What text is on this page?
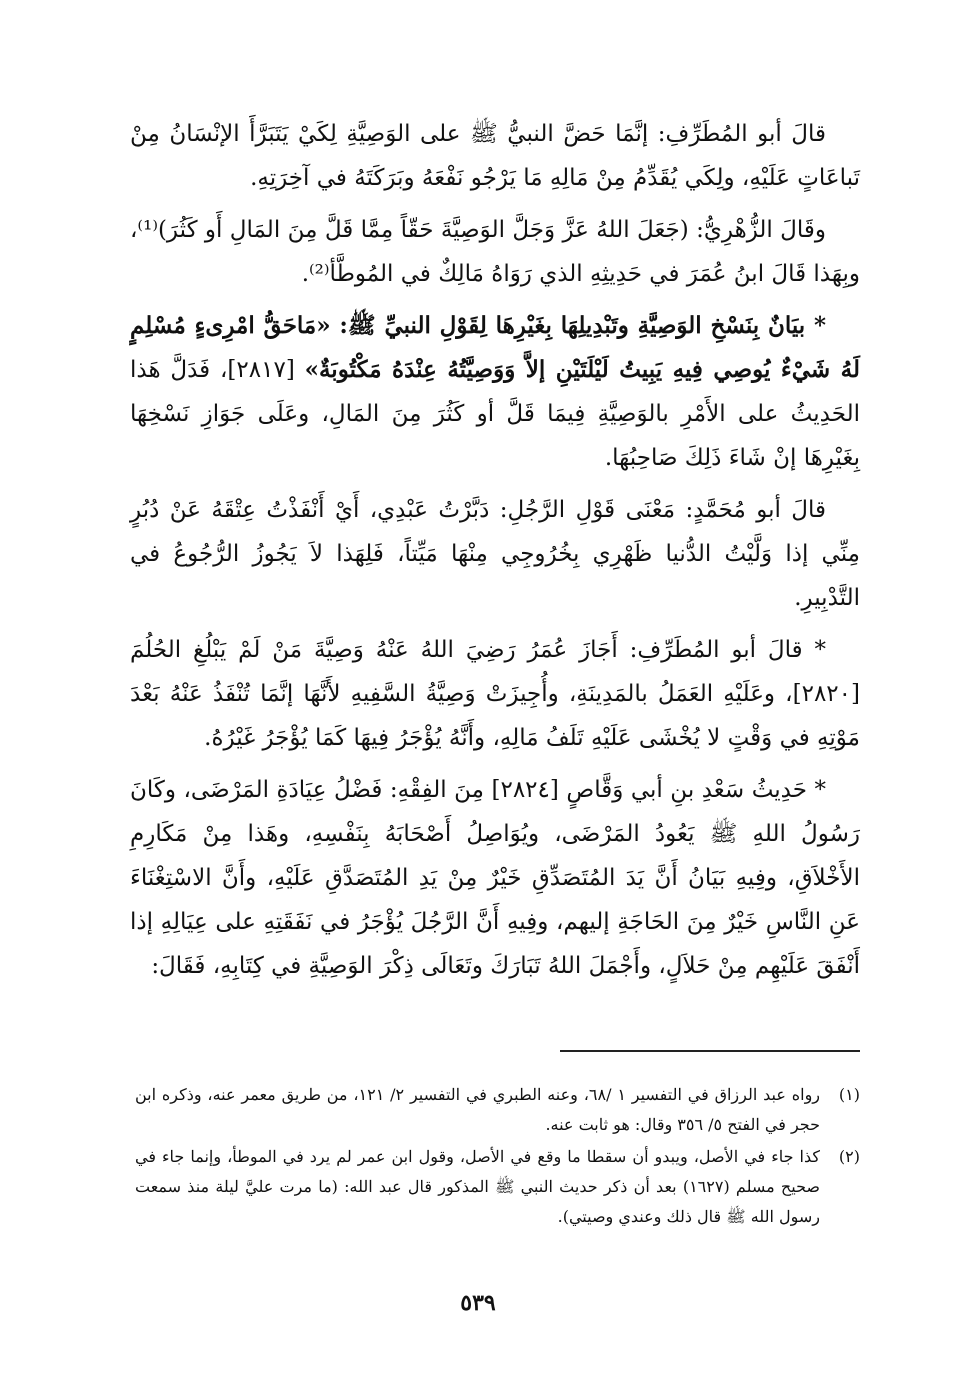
قالَ أبو المُطَرِّفِ: إنَّمَا حَضَّ النبيُّ ﷺ على الوَصِيَّةِ لِكَيْ يَتَبَرَّأَ الإنْسَانُ مِنْ تَباعَاتٍ عَلَيْهِ، ولِكَي يُقَدِّمُ مِنْ مَالِهِ مَا يَرْجُو نَفْعَهُ وبَرَكَتَهُ في آخِرَتِهِ.

وقَالَ الزُّهْرِيُّ: (جَعَلَ اللهُ عَزَّ وَجَلَّ الوَصِيَّةَ حَقّاً مِمَّا قَلَّ مِنَ المَالِ أَو كَثُرَ)⁽¹⁾، وبِهَذا قَالَ ابنُ عُمَرَ في حَدِيثِهِ الذي رَوَاهُ مَالِكٌ في المُوطَّأ⁽²⁾.

* بيَانٌ بِنَسْخِ الوَصِيَّةِ وتَبْدِيلِهَا بِغَيْرِهَا لِقَوْلِ النبيِّ ﷺ: «مَاحَقُّ امْرِىءٍ مُسْلِمٍ لَهُ شَيْءٌ يُوصِي فِيهِ يَبِيتُ لَيْلَتَيْنِ إلاَّ وَوَصِيَّتُهُ عِنْدَهُ مَكْتُوبَةٌ» [٢٨١٧]، فَدَلَّ هَذا الحَدِيثُ على الأَمْرِ بالوَصِيَّةِ فِيمَا قَلَّ أو كَثُرَ مِنَ المَالِ، وعَلَى جَوَازِ نَسْخِهَا بِغَيْرِهَا إنْ شَاءَ ذَلِكَ صَاحِبُهَا.

قالَ أبو مُحَمَّدٍ: مَعْنَى قَوْلِ الرَّجُلِ: دَبَّرْتُ عَبْدِي، أَيْ أَنْفَذْتُ عِتْقَهُ عَنْ دُبُرٍ مِنِّي إذا وَلَّيْتُ الدُّنيا ظَهْرِي بِخُرُوجِي مِنْهَا مَيِّتاً، فَلِهَذا لاَ يَجُوزُ الرُّجُوعُ في التَّدْبِيرِ.

* قالَ أبو المُطَرِّفِ: أَجَازَ عُمَرُ رَضِيَ اللهُ عَنْهُ وَصِيَّةَ مَنْ لَمْ يَبْلُغِ الحُلُمَ [٢٨٢٠]، وعَلَيْهِ العَمَلُ بالمَدِينَةِ، وأُجِيزَتْ وَصِيَّةُ السَّفِيهِ لأَنَّهَا إنَّمَا تُنْفَذُ عَنْهُ بَعْدَ مَوْتِهِ في وَقْتٍ لا يُخْشَى عَلَيْهِ تَلَفُ مَالِهِ، وأَنَّهُ يُؤْجَرُ فِيهَا كَمَا يُؤْجَرُ غَيْرُهُ.

* حَدِيثُ سَعْدِ بنِ أبي وَقَّاصٍ [٢٨٢٤] مِنَ الفِقْهِ: فَضْلُ عِيَادَةِ المَرْضَى، وكَانَ رَسُولُ اللهِ ﷺ يَعُودُ المَرْضَى، ويُوَاصِلُ أَصْحَابَهُ بِنَفْسِهِ، وهَذا مِنْ مَكَارِمِ الأَخْلاَقِ، وفِيهِ بَيَانُ أَنَّ يَدَ المُتَصَدِّقِ خَيْرٌ مِنْ يَدِ المُتَصَدَّقِ عَلَيْهِ، وأَنَّ الاسْتِغْنَاءَ عَنِ النَّاسِ خَيْرٌ مِنَ الحَاجَةِ إليهم، وفِيهِ أَنَّ الرَّجُلَ يُؤْجَرُ في نَفَقَتِهِ على عِيَالِهِ إذا أَنْفَقَ عَلَيْهِم مِنْ حَلاَلٍ، وأَجْمَلَ اللهُ تَبَارَكَ وتَعَالَى ذِكْرَ الوَصِيَّةِ في كِتَابِهِ، فَقَالَ:

(١)
رواه عبد الرزاق في التفسير ١ /٦٨، وعنه الطبري في التفسير ٢/ ١٢١، من طريق معمر عنه، وذكره ابن حجر في الفتح ٥/ ٣٥٦ وقال: هو ثابت عنه.
(٢)
كذا جاء في الأصل، ويبدو أن سقطا ما وقع في الأصل، وقول ابن عمر لم يرد في الموطأ، وإنما جاء في صحيح مسلم (١٦٢٧) بعد أن ذكر حديث النبي ﷺ المذكور قال عبد الله: (ما مرت عليَّ ليلة منذ سمعت رسول الله ﷺ قال ذلك وعندي وصيتي).
٥٣٩
